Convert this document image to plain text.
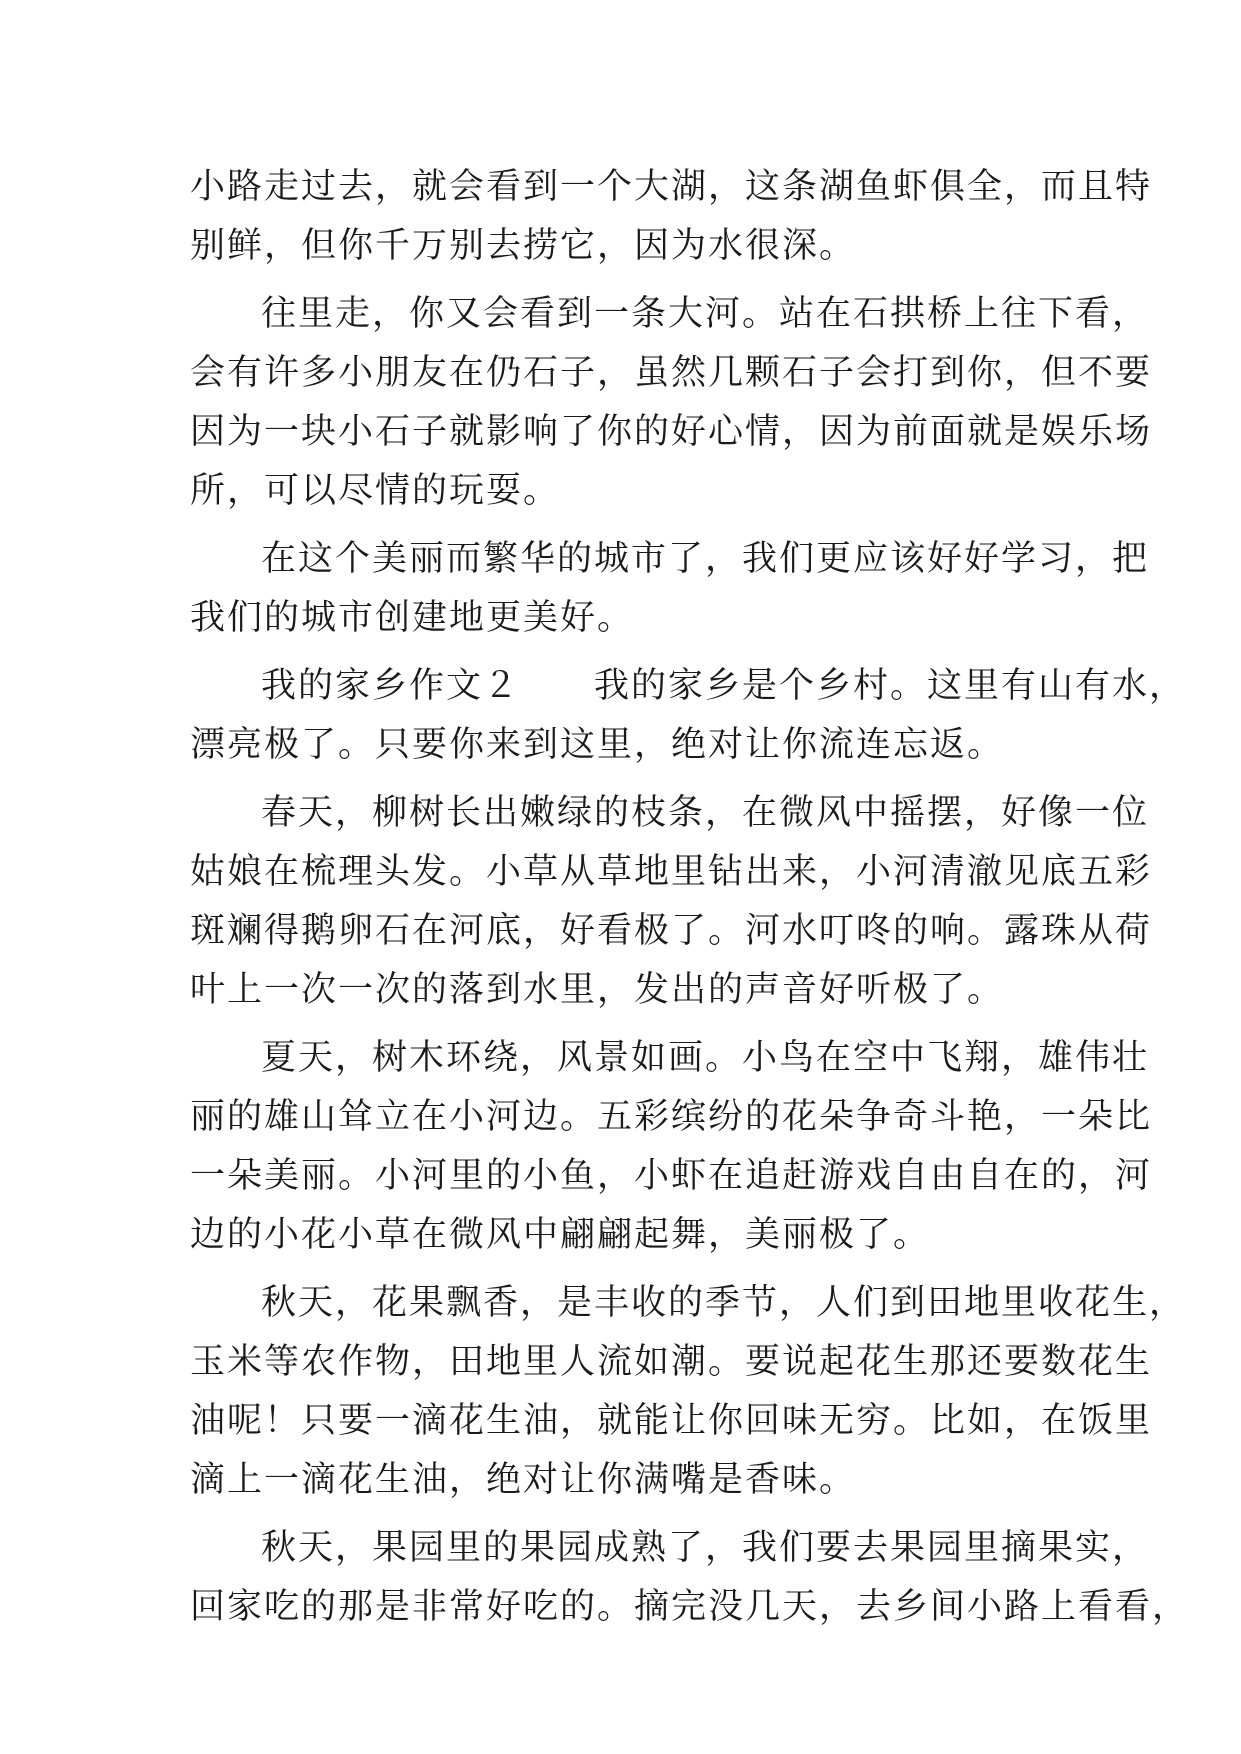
小路走过去，就会看到一个大湖，这条湖鱼虾俱全，而且特
别鲜，但你千万别去捞它，因为水很深。
往里走，你又会看到一条大河。站在石拱桥上往下看，
会有许多小朋友在仍石子，虽然几颗石子会打到你，但不要
因为一块小石子就影响了你的好心情，因为前面就是娱乐场
所，可以尽情的玩耍。
在这个美丽而繁华的城市了，我们更应该好好学习，把
我们的城市创建地更美好。
我的家乡作文２　　我的家乡是个乡村。这里有山有水，
漂亮极了。只要你来到这里，绝对让你流连忘返。
春天，柳树长出嫩绿的枝条，在微风中摇摆，好像一位
姑娘在梳理头发。小草从草地里钻出来，小河清澈见底五彩
斑斓得鹅卵石在河底，好看极了。河水叮咚的响。露珠从荷
叶上一次一次的落到水里，发出的声音好听极了。
夏天，树木环绕，风景如画。小鸟在空中飞翔，雄伟壮
丽的雄山耸立在小河边。五彩缤纷的花朵争奇斗艳，一朵比
一朵美丽。小河里的小鱼，小虾在追赶游戏自由自在的，河
边的小花小草在微风中翩翩起舞，美丽极了。
秋天，花果飘香，是丰收的季节，人们到田地里收花生，
玉米等农作物，田地里人流如潮。要说起花生那还要数花生
油呢！只要一滴花生油，就能让你回味无穷。比如，在饭里
滴上一滴花生油，绝对让你满嘴是香味。
秋天，果园里的果园成熟了，我们要去果园里摘果实，
回家吃的那是非常好吃的。摘完没几天，去乡间小路上看看，
